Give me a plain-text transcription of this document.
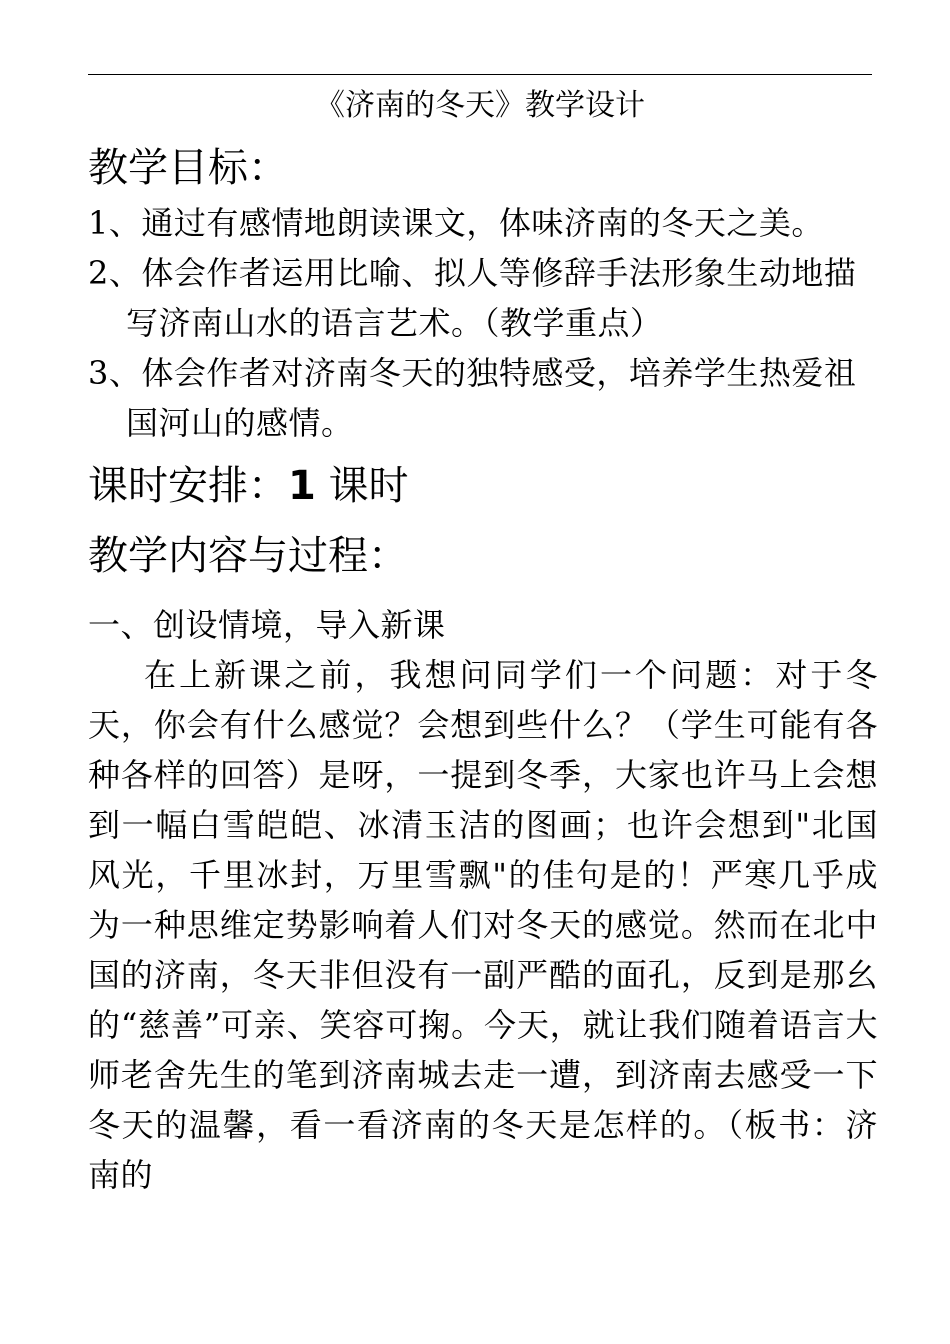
《济南的冬天》教学设计
教学目标：
1、通过有感情地朗读课文，体味济南的冬天之美。
2、体会作者运用比喻、拟人等修辞手法形象生动地描写济南山水的语言艺术。（教学重点）
3、体会作者对济南冬天的独特感受，培养学生热爱祖国河山的感情。
课时安排：1 课时
教学内容与过程：
一、创设情境，导入新课
在上新课之前，我想问同学们一个问题：对于冬天，你会有什么感觉？会想到些什么？（学生可能有各种各样的回答）是呀，一提到冬季，大家也许马上会想到一幅白雪皑皑、冰清玉洁的图画；也许会想到"北国风光，千里冰封，万里雪飘"的佳句是的！严寒几乎成为一种思维定势影响着人们对冬天的感觉。然而在北中国的济南，冬天非但没有一副严酷的面孔，反到是那幺的“慈善”可亲、笑容可掬。今天，就让我们随着语言大师老舍先生的笔到济南城去走一遭，到济南去感受一下冬天的温馨，看一看济南的冬天是怎样的。（板书：济南的
